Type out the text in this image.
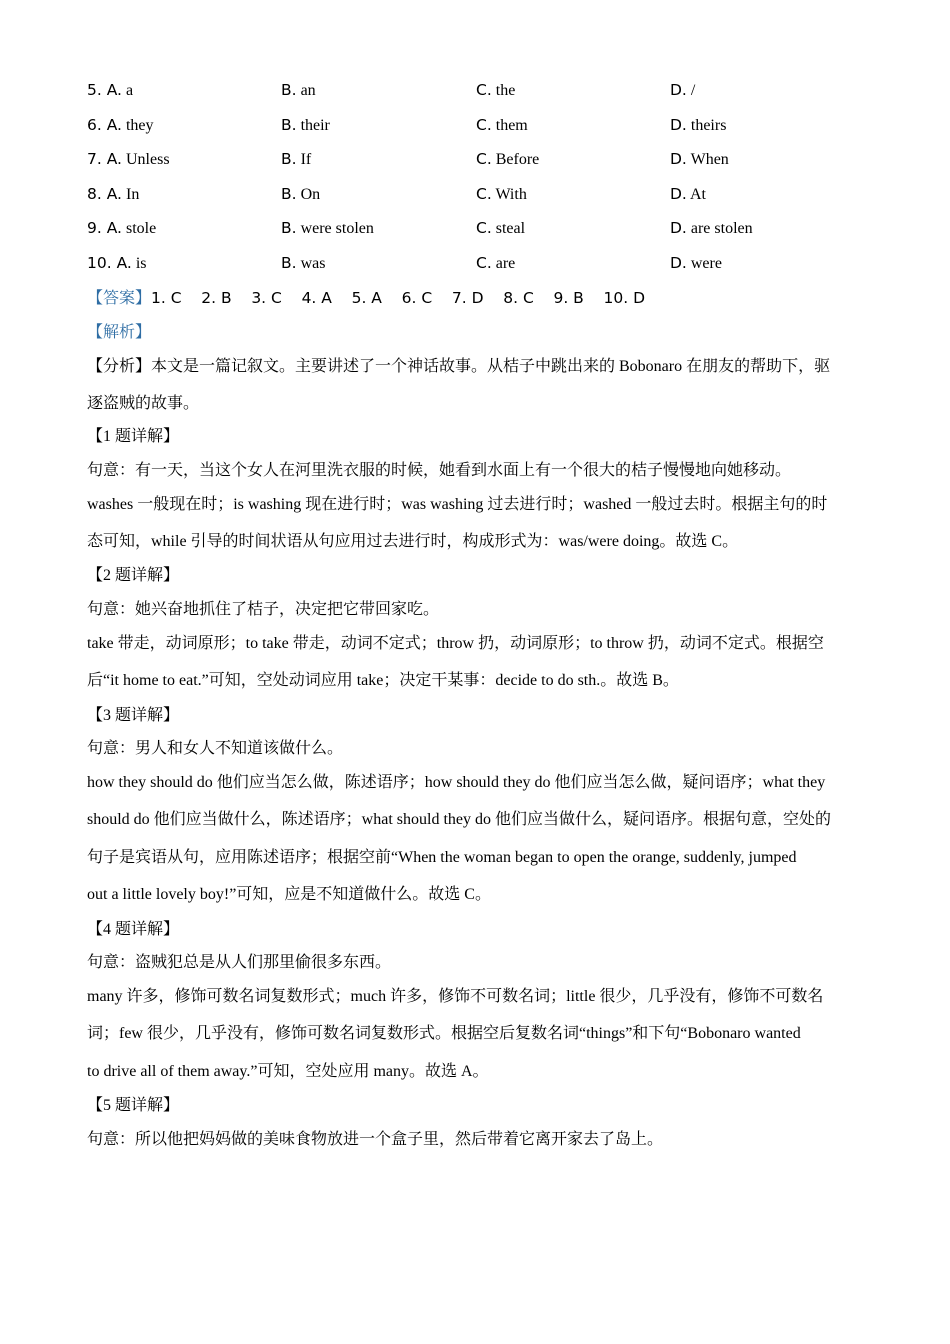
5. A. a	B. an	C. the	D. /
6. A. they	B. their	C. them	D. theirs
7. A. Unless	B. If	C. Before	D. When
8. A. In	B. On	C. With	D. At
9. A. stole	B. were stolen	C. steal	D. are stolen
10. A. is	B. was	C. are	D. were
【答案】1. C    2. B    3. C    4. A    5. A    6. C    7. D    8. C    9. B    10. D
【解析】
【分析】本文是一篇记叙文。主要讲述了一个神话故事。从桔子中跳出来的 Bobonaro 在朋友的帮助下，驱
逐盗贼的故事。
【1 题详解】
句意：有一天，当这个女人在河里洗衣服的时候，她看到水面上有一个很大的桔子慢慢地向她移动。
washes 一般现在时；is washing 现在进行时；was washing 过去进行时；washed 一般过去时。根据主句的时
态可知，while 引导的时间状语从句应用过去进行时，构成形式为：was/were doing。故选 C。
【2 题详解】
句意：她兴奋地抓住了桔子，决定把它带回家吃。
take 带走，动词原形；to take 带走，动词不定式；throw 扔，动词原形；to throw 扔，动词不定式。根据空
后“it home to eat.”可知，空处动词应用 take；决定干某事：decide to do sth.。故选 B。
【3 题详解】
句意：男人和女人不知道该做什么。
how they should do 他们应当怎么做，陈述语序；how should they do 他们应当怎么做，疑问语序；what they
should do 他们应当做什么，陈述语序；what should they do 他们应当做什么，疑问语序。根据句意，空处的
句子是宾语从句，应用陈述语序；根据空前“When the woman began to open the orange, suddenly, jumped
out a little lovely boy!”可知，应是不知道做什么。故选 C。
【4 题详解】
句意：盗贼犯总是从人们那里偷很多东西。
many 许多，修饰可数名词复数形式；much 许多，修饰不可数名词；little 很少，几乎没有，修饰不可数名
词；few 很少，几乎没有，修饰可数名词复数形式。根据空后复数名词“things”和下句“Bobonaro wanted
to drive all of them away.”可知，空处应用 many。故选 A。
【5 题详解】
句意：所以他把妈妈做的美味食物放进一个盒子里，然后带着它离开家去了岛上。
